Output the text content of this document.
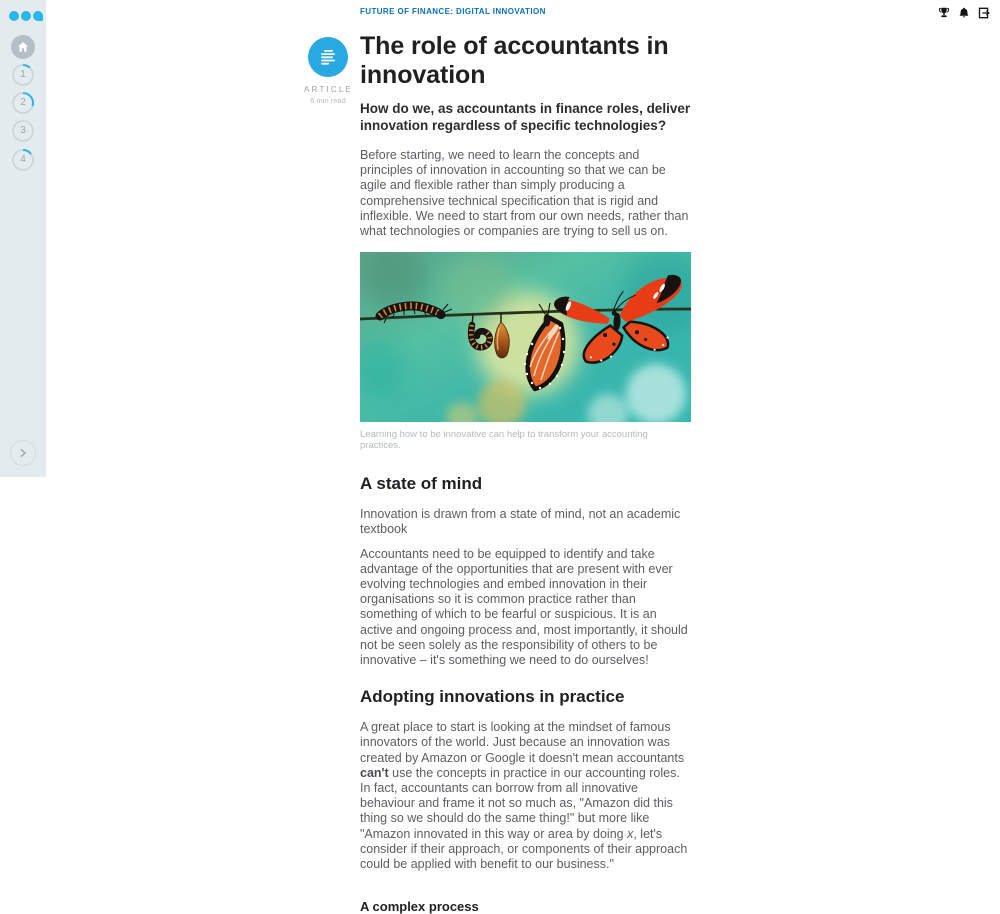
1
2
3
4
FUTURE OF FINANCE: DIGITAL INNOVATION
ARTICLE
6 min read
The role of accountants in innovation

How do we, as accountants in finance roles, deliver innovation regardless of specific technologies?

Before starting, we need to learn the concepts and principles of innovation in accounting so that we can be agile and flexible rather than simply producing a comprehensive technical specification that is rigid and inflexible. We need to start from our own needs, rather than what technologies or companies are trying to sell us on.

Learning how to be innovative can help to transform your accounting practices.
A state of mind

Innovation is drawn from a state of mind, not an academic textbook

Accountants need to be equipped to identify and take advantage of the opportunities that are present with ever evolving technologies and embed innovation in their organisations so it is common practice rather than something of which to be fearful or suspicious. It is an active and ongoing process and, most importantly, it should not be seen solely as the responsibility of others to be innovative – it's something we need to do ourselves!

Adopting innovations in practice

A great place to start is looking at the mindset of famous innovators of the world. Just because an innovation was created by Amazon or Google it doesn't mean accountants can't use the concepts in practice in our accounting roles. In fact, accountants can borrow from all innovative behaviour and frame it not so much as, "Amazon did this thing so we should do the same thing!" but more like "Amazon innovated in this way or area by doing x, let's consider if their approach, or components of their approach could be applied with benefit to our business."

A complex process
